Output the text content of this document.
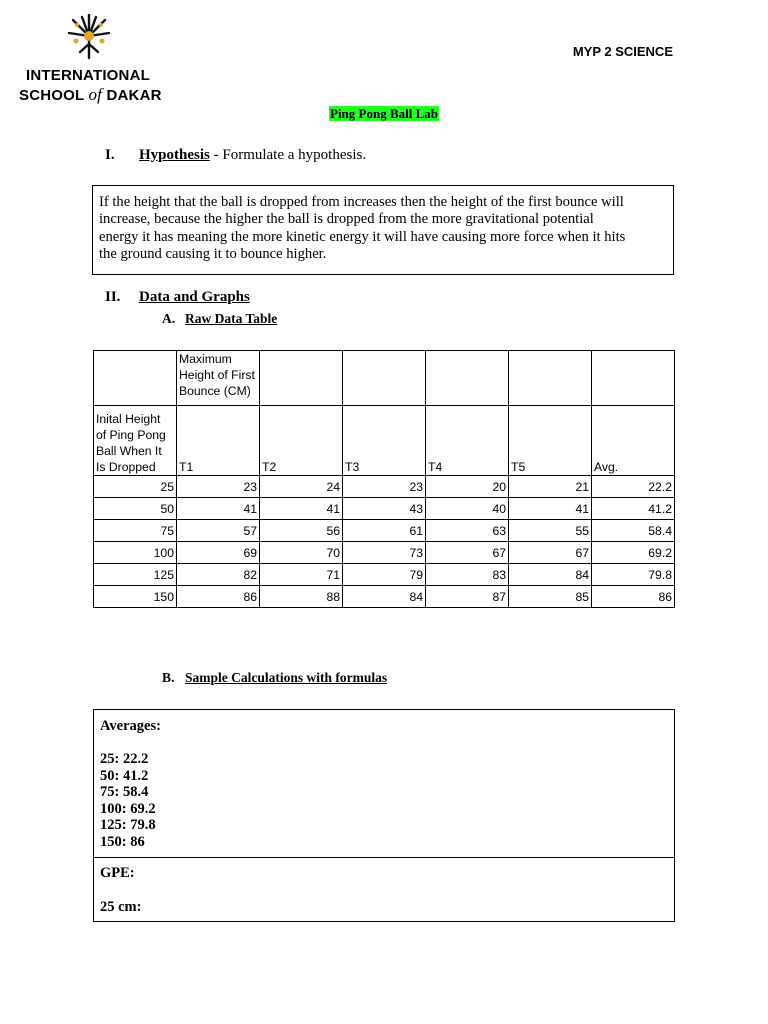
INTERNATIONAL
SCHOOL of DAKAR
MYP 2 SCIENCE
Ping Pong Ball Lab
I. Hypothesis - Formulate a hypothesis.
If the height that the ball is dropped from increases then the height of the first bounce will
increase, because the higher the ball is dropped from the more gravitational potential
energy it has meaning the more kinetic energy it will have causing more force when it hits
the ground causing it to bounce higher.
II. Data and Graphs
A. Raw Data Table

	Maximum
Height of First
Bounce (CM)					

Inital Height
of Ping Pong
Ball When It
Is Dropped	T1	T2	T3	T4	T5	Avg.
25	23	24	23	20	21	22.2
50	41	41	43	40	41	41.2
75	57	56	61	63	55	58.4
100	69	70	73	67	67	69.2
125	82	71	79	83	84	79.8
150	86	88	84	87	85	86
B. Sample Calculations with formulas
Averages:
25: 22.2
50: 41.2
75: 58.4
100: 69.2
125: 79.8
150: 86
GPE:
25 cm:
